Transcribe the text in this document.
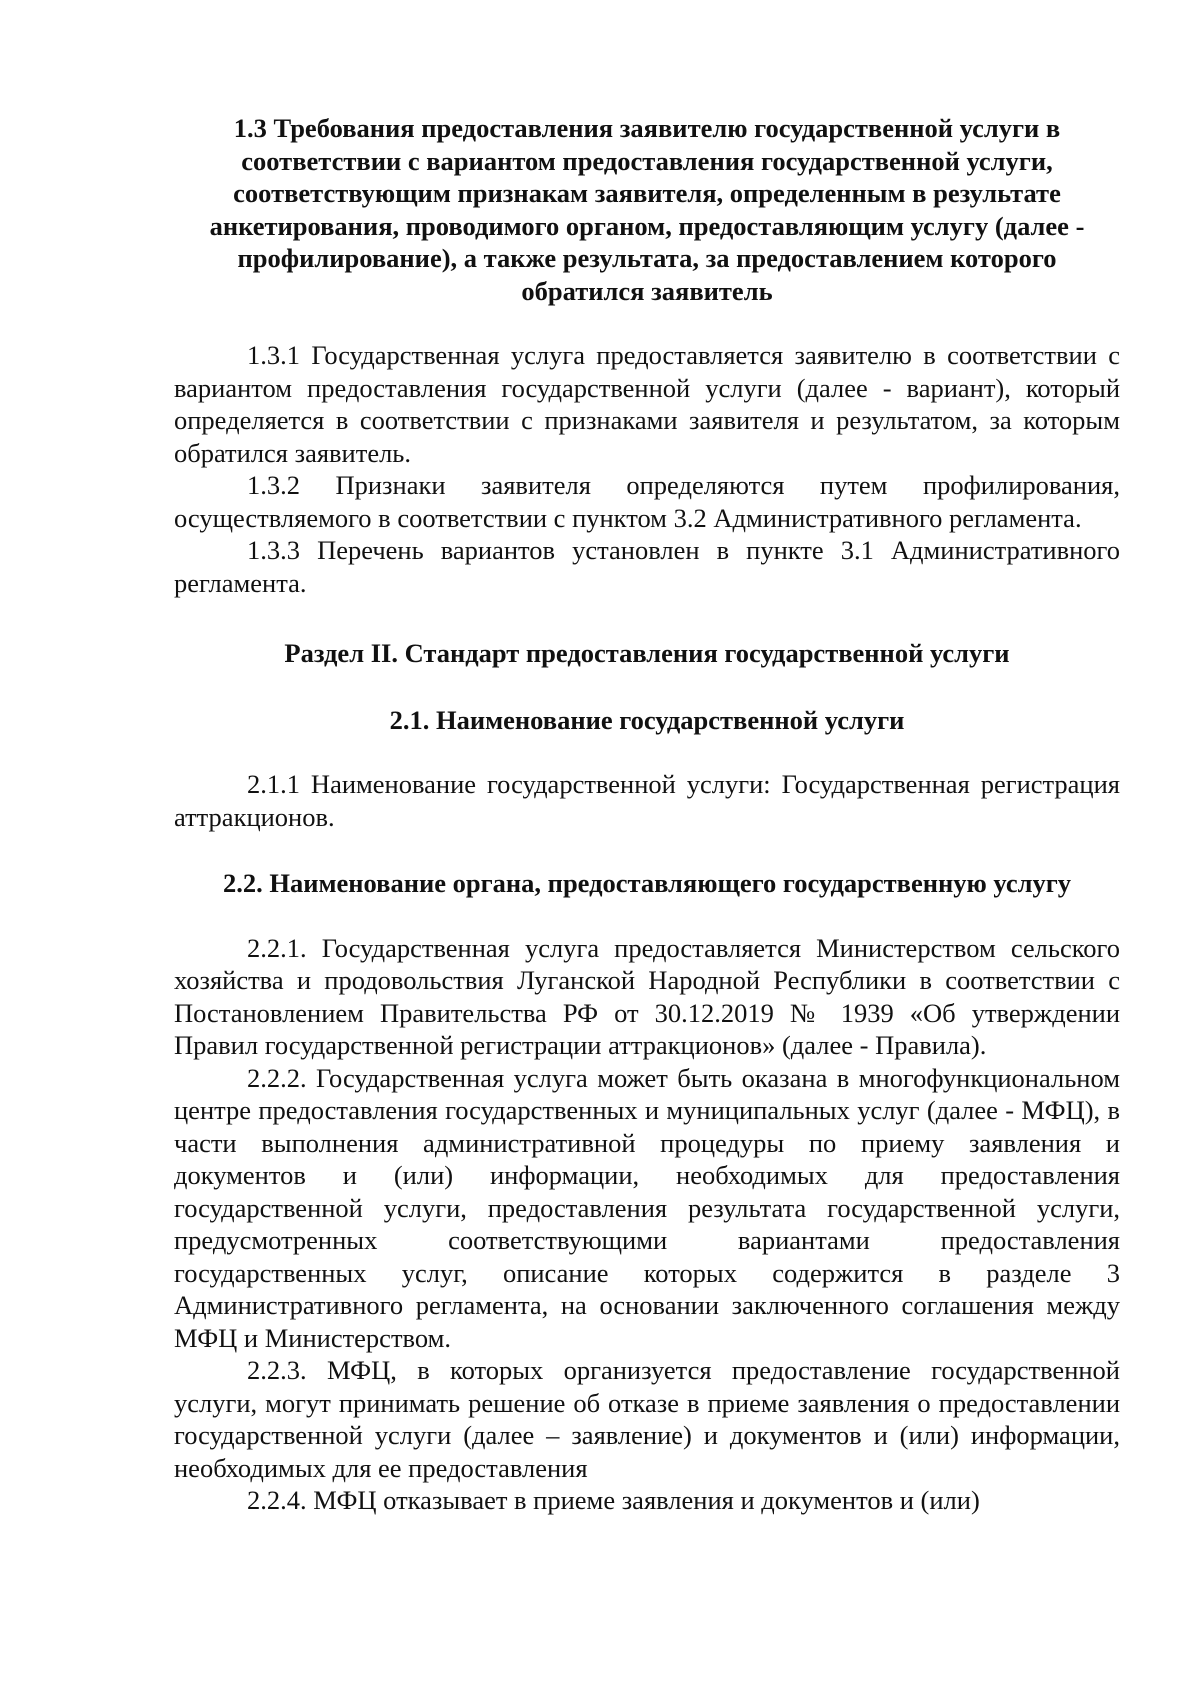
1.3 Требования предоставления заявителю государственной услуги в соответствии с вариантом предоставления государственной услуги, соответствующим признакам заявителя, определенным в результате анкетирования, проводимого органом, предоставляющим услугу (далее - профилирование), а также результата, за предоставлением которого обратился заявитель

1.3.1 Государственная услуга предоставляется заявителю в соответствии с вариантом предоставления государственной услуги (далее - вариант), который определяется в соответствии с признаками заявителя и результатом, за которым обратился заявитель.

1.3.2 Признаки заявителя определяются путем профилирования, осуществляемого в соответствии с пунктом 3.2 Административного регламента.

1.3.3 Перечень вариантов установлен в пункте 3.1 Административного регламента.

Раздел II. Стандарт предоставления государственной услуги
2.1. Наименование государственной услуги

2.1.1 Наименование государственной услуги: Государственная регистрация аттракционов.

2.2. Наименование органа, предоставляющего государственную услугу

2.2.1. Государственная услуга предоставляется Министерством сельского хозяйства и продовольствия Луганской Народной Республики в соответствии с Постановлением Правительства РФ от 30.12.2019 № 1939 «Об утверждении Правил государственной регистрации аттракционов» (далее - Правила).

2.2.2. Государственная услуга может быть оказана в многофункциональном центре предоставления государственных и муниципальных услуг (далее - МФЦ), в части выполнения административной процедуры по приему заявления и документов и (или) информации, необходимых для предоставления государственной услуги, предоставления результата государственной услуги, предусмотренных соответствующими вариантами предоставления государственных услуг, описание которых содержится в разделе 3 Административного регламента, на основании заключенного соглашения между МФЦ и Министерством.

2.2.3. МФЦ, в которых организуется предоставление государственной услуги, могут принимать решение об отказе в приеме заявления о предоставлении государственной услуги (далее – заявление) и документов и (или) информации, необходимых для ее предоставления

2.2.4. МФЦ отказывает в приеме заявления и документов и (или)
